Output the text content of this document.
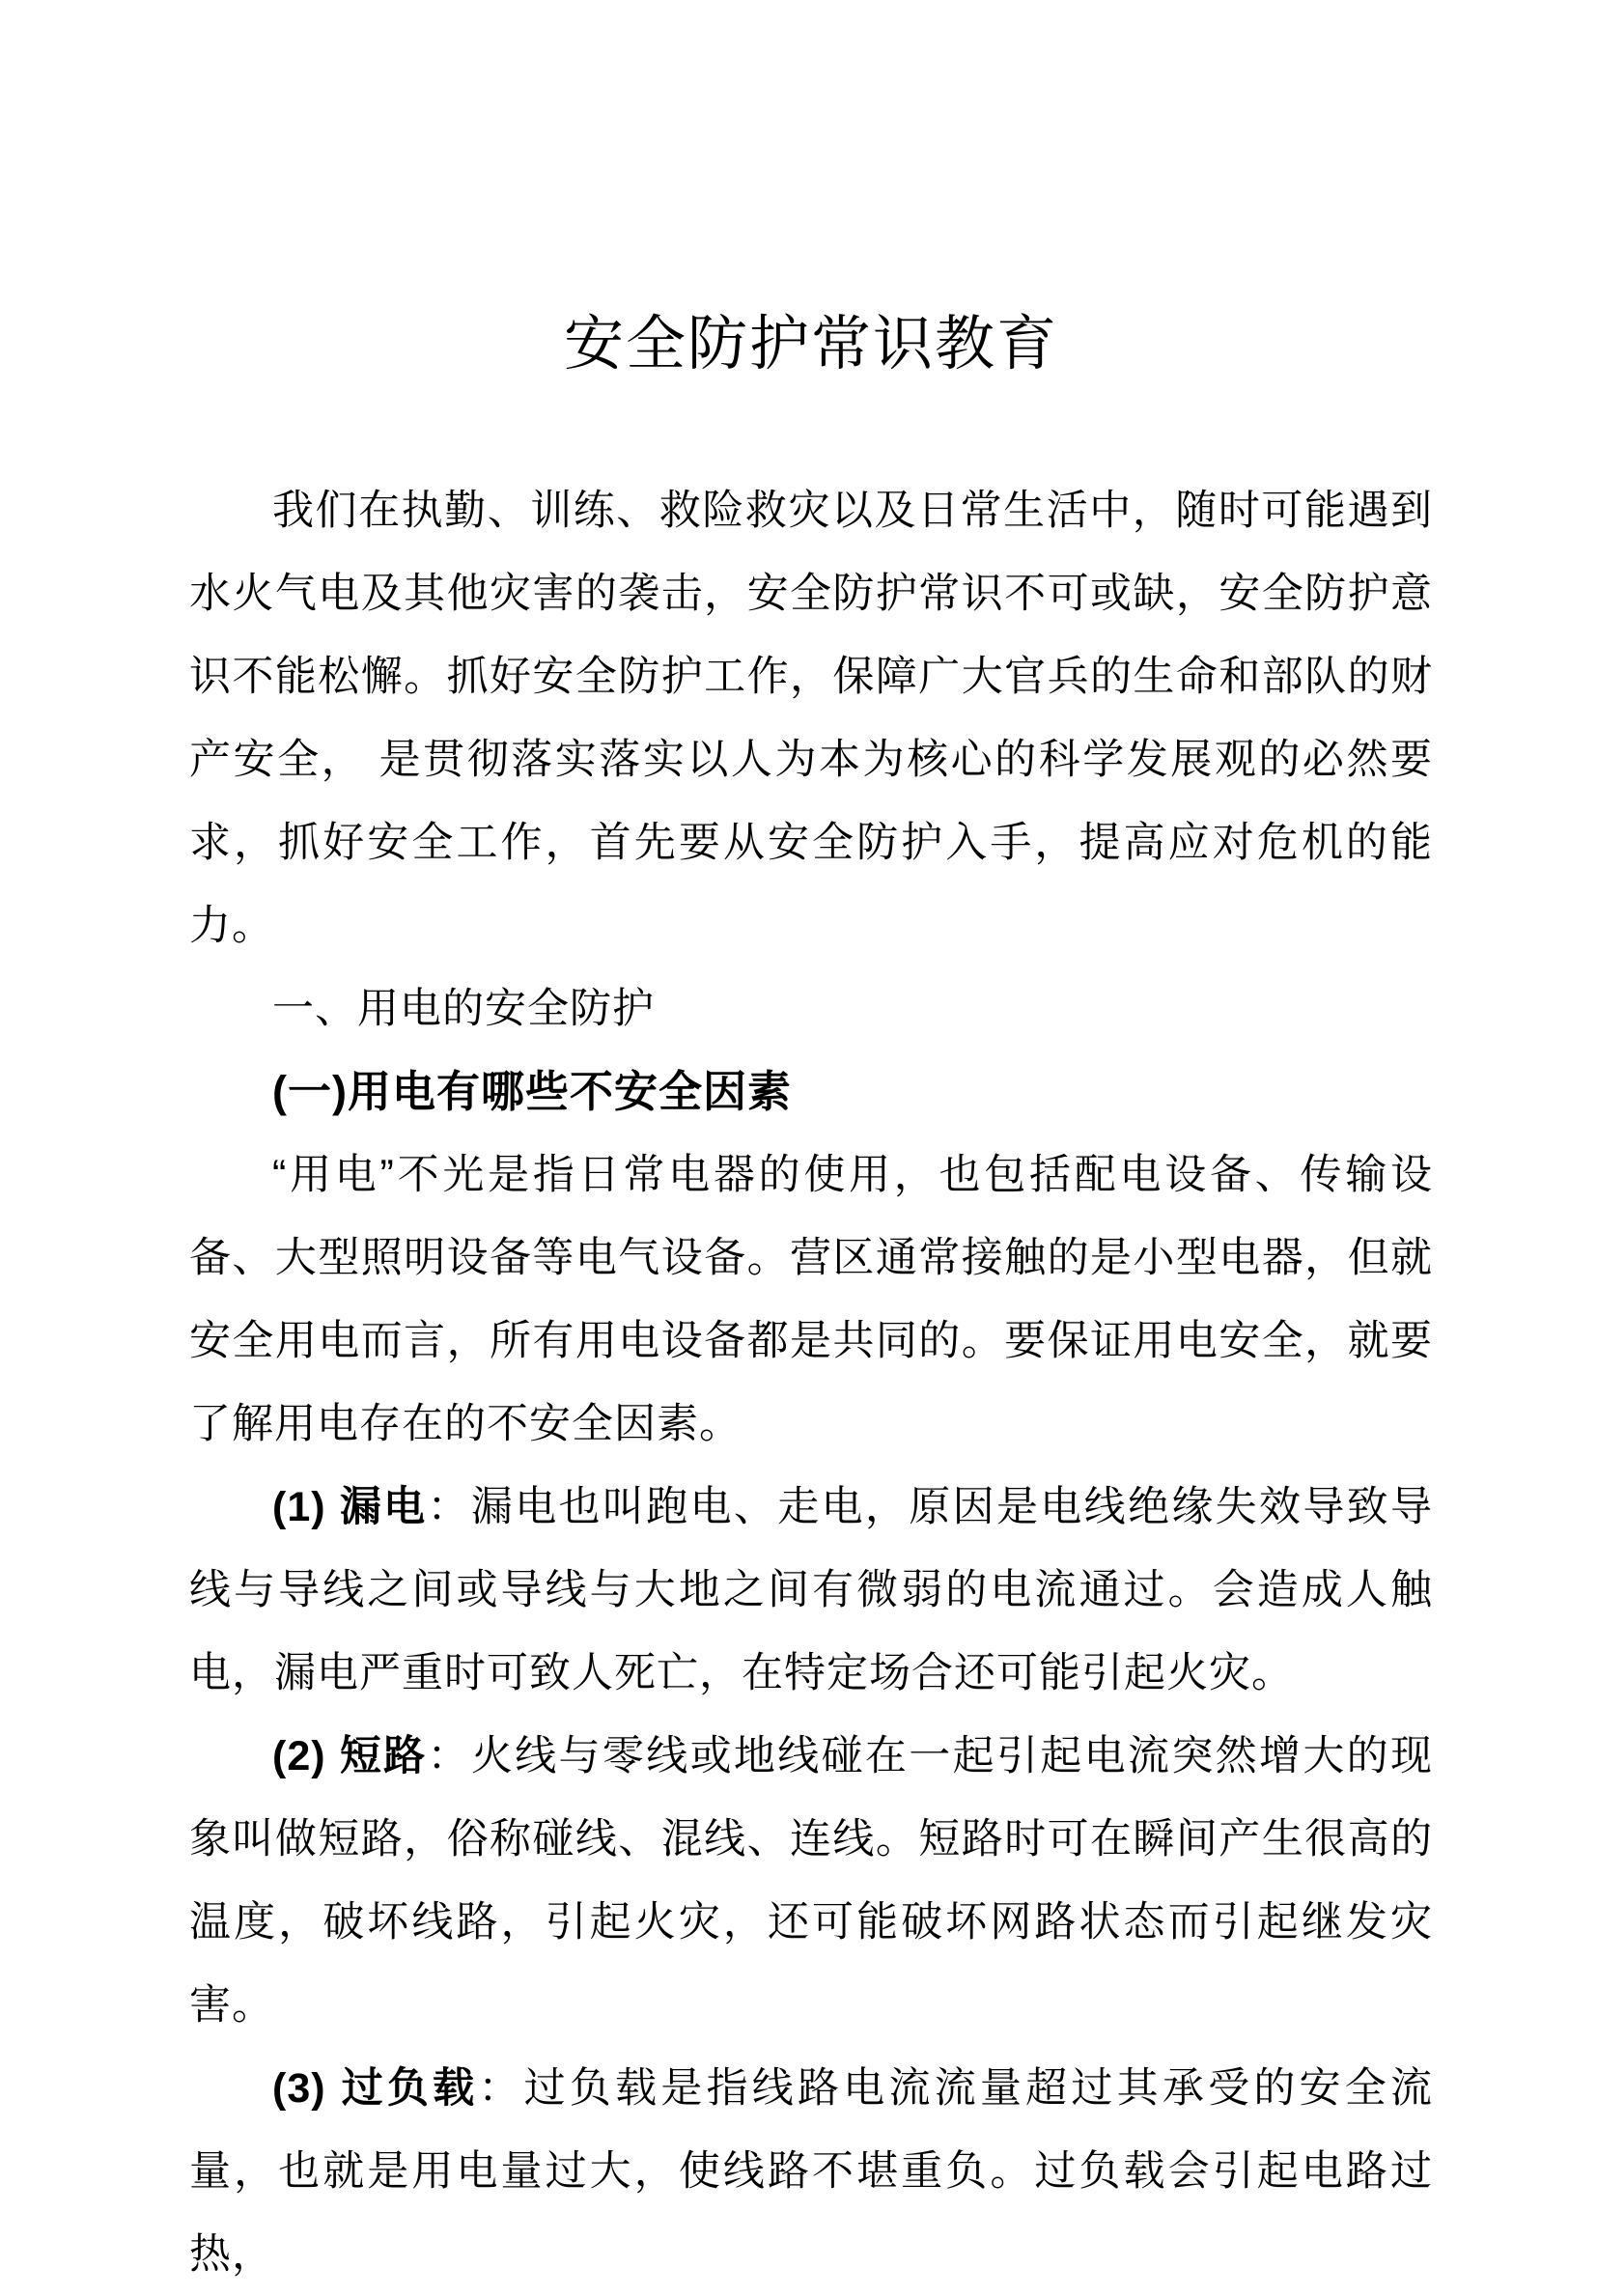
安全防护常识教育

我们在执勤、训练、救险救灾以及日常生活中，随时可能遇到水火气电及其他灾害的袭击，安全防护常识不可或缺，安全防护意识不能松懈。抓好安全防护工作，保障广大官兵的生命和部队的财产安全， 是贯彻落实落实以人为本为核心的科学发展观的必然要求，抓好安全工作，首先要从安全防护入手，提高应对危机的能力。

一、用电的安全防护

(一)用电有哪些不安全因素

“用电”不光是指日常电器的使用，也包括配电设备、传输设备、大型照明设备等电气设备。营区通常接触的是小型电器，但就安全用电而言，所有用电设备都是共同的。要保证用电安全，就要了解用电存在的不安全因素。

(1) 漏电：漏电也叫跑电、走电，原因是电线绝缘失效导致导线与导线之间或导线与大地之间有微弱的电流通过。会造成人触电，漏电严重时可致人死亡，在特定场合还可能引起火灾。

(2) 短路：火线与零线或地线碰在一起引起电流突然增大的现象叫做短路，俗称碰线、混线、连线。短路时可在瞬间产生很高的温度，破坏线路，引起火灾，还可能破坏网路状态而引起继发灾害。

(3) 过负载：过负载是指线路电流流量超过其承受的安全流量，也就是用电量过大，使线路不堪重负。过负载会引起电路过热，
